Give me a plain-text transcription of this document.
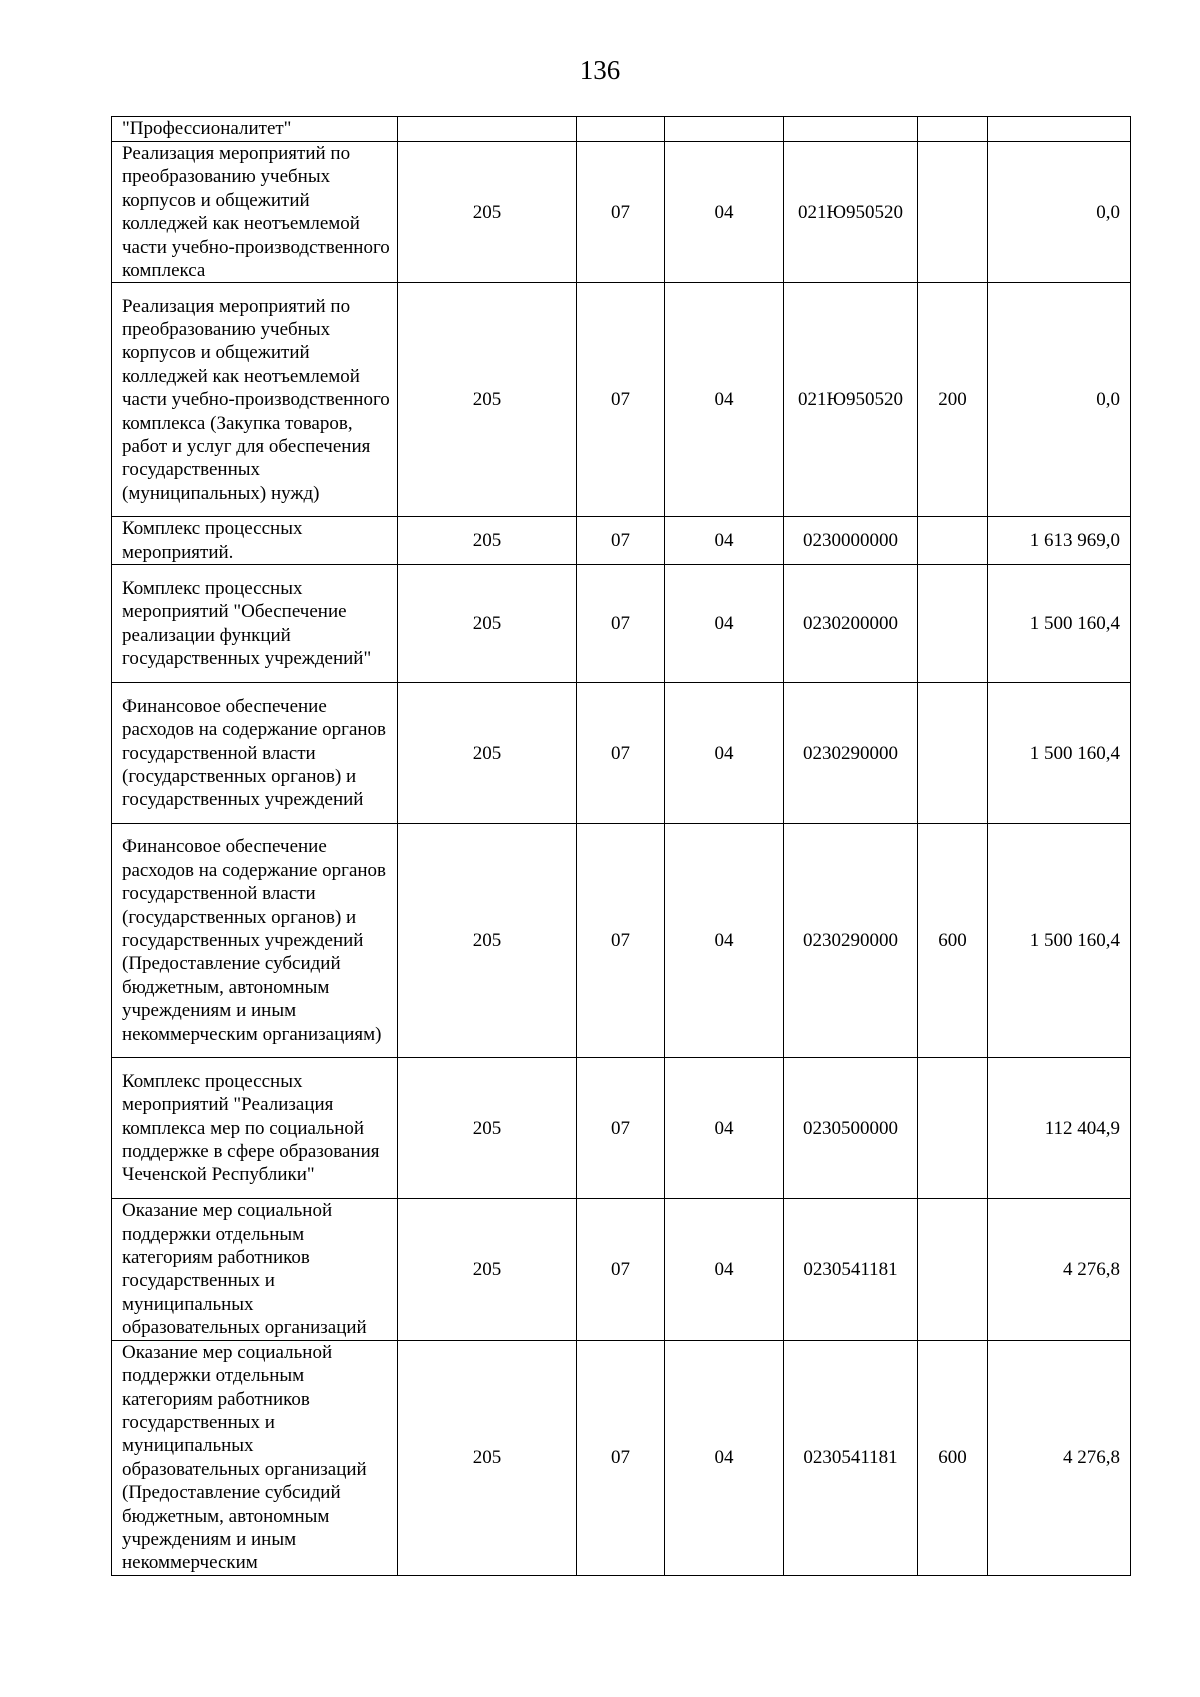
136
"Профессионалитет"						
Реализация мероприятий по преобразованию учебных корпусов и общежитий колледжей как неотъемлемой части учебно-производственного комплекса	205	07	04	021Ю950520		0,0
Реализация мероприятий по преобразованию учебных корпусов и общежитий колледжей как неотъемлемой части учебно-производственного комплекса (Закупка товаров, работ и услуг для обеспечения государственных (муниципальных) нужд)	205	07	04	021Ю950520	200	0,0
Комплекс процессных мероприятий.	205	07	04	0230000000		1 613 969,0
Комплекс процессных мероприятий "Обеспечение реализации функций государственных учреждений"	205	07	04	0230200000		1 500 160,4
Финансовое обеспечение расходов на содержание органов государственной власти (государственных органов) и государственных учреждений	205	07	04	0230290000		1 500 160,4
Финансовое обеспечение расходов на содержание органов государственной власти (государственных органов) и государственных учреждений (Предоставление субсидий бюджетным, автономным учреждениям и иным некоммерческим организациям)	205	07	04	0230290000	600	1 500 160,4
Комплекс процессных мероприятий "Реализация комплекса мер по социальной поддержке в сфере образования Чеченской Республики"	205	07	04	0230500000		112 404,9
Оказание мер социальной поддержки отдельным категориям работников государственных и муниципальных образовательных организаций	205	07	04	0230541181		4 276,8
Оказание мер социальной поддержки отдельным категориям работников государственных и муниципальных образовательных организаций (Предоставление субсидий бюджетным, автономным учреждениям и иным некоммерческим	205	07	04	0230541181	600	4 276,8
